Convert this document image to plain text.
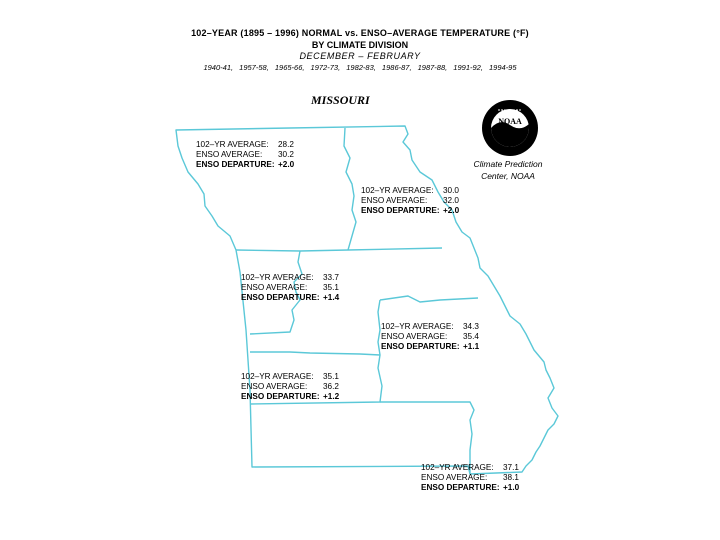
102–YEAR (1895 – 1996) NORMAL vs. ENSO–AVERAGE TEMPERATURE (°F)
BY CLIMATE DIVISION
DECEMBER – FEBRUARY
1940-41, 1957-58, 1965-66, 1972-73, 1982-83, 1986-87, 1987-88, 1991-92, 1994-95
MISSOURI
NOAA
Climate Prediction
Center, NOAA
102–YR AVERAGE:	28.2
ENSO AVERAGE:	30.2
ENSO DEPARTURE: +2.0
102–YR AVERAGE:	30.0
ENSO AVERAGE:	32.0
ENSO DEPARTURE: +2.0
102–YR AVERAGE:	33.7
ENSO AVERAGE:	35.1
ENSO DEPARTURE: +1.4
102–YR AVERAGE:	34.3
ENSO AVERAGE:	35.4
ENSO DEPARTURE: +1.1
102–YR AVERAGE:	35.1
ENSO AVERAGE:	36.2
ENSO DEPARTURE: +1.2
102–YR AVERAGE:	37.1
ENSO AVERAGE:	38.1
ENSO DEPARTURE: +1.0
